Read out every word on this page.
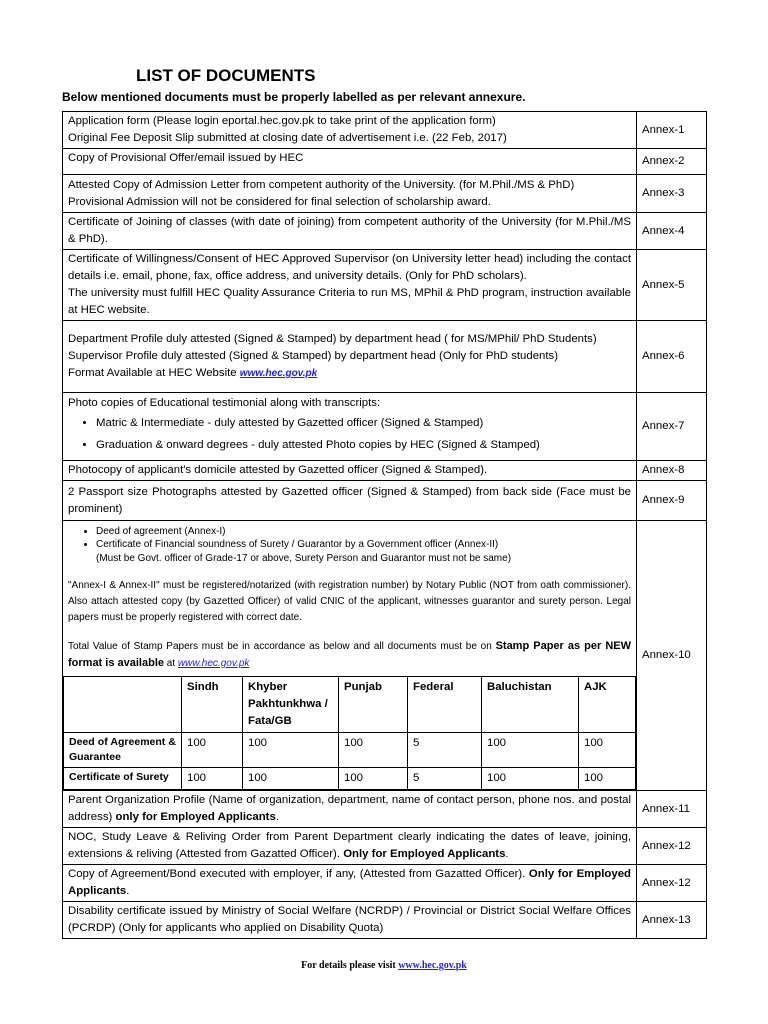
LIST OF DOCUMENTS
Below mentioned documents must be properly labelled as per relevant annexure.
Application form (Please login eportal.hec.gov.pk to take print of the application form)
Original Fee Deposit Slip submitted at closing date of advertisement i.e. (22 Feb, 2017)
	Annex-1

Copy of Provisional Offer/email issued by HEC	Annex-2

Attested Copy of Admission Letter from competent authority of the University. (for M.Phil./MS & PhD)
Provisional Admission will not be considered for final selection of scholarship award.
	Annex-3

Certificate of Joining of classes (with date of joining) from competent authority of the University (for M.Phil./MS & PhD).
	Annex-4

Certificate of Willingness/Consent of HEC Approved Supervisor (on University letter head) including the contact details i.e. email, phone, fax, office address, and university details. (Only for PhD scholars).
The university must fulfill HEC Quality Assurance Criteria to run MS, MPhil & PhD program, instruction available at HEC website.
	Annex-5

Department Profile duly attested (Signed & Stamped) by department head ( for MS/MPhil/ PhD Students)
Supervisor Profile duly attested (Signed & Stamped) by department head (Only for PhD students)
Format Available at HEC Website www.hec.gov.pk
	Annex-6

Photo copies of Educational testimonial along with transcripts:
• Matric & Intermediate - duly attested by Gazetted officer (Signed & Stamped)
• Graduation & onward degrees - duly attested Photo copies by HEC (Signed & Stamped)
	Annex-7

Photocopy of applicant's domicile attested by Gazetted officer (Signed & Stamped).	Annex-8

2 Passport size Photographs attested by Gazetted officer (Signed & Stamped) from back side (Face must be prominent)
	Annex-9

• Deed of agreement (Annex-I)
• Certificate of Financial soundness of Surety / Guarantor by a Government officer (Annex-II)
(Must be Govt. officer of Grade-17 or above, Surety Person and Guarantor must not be same)
"Annex-I & Annex-II" must be registered/notarized (with registration number) by Notary Public (NOT from oath commissioner). Also attach attested copy (by Gazetted Officer) of valid CNIC of the applicant, witnesses guarantor and surety person. Legal papers must be properly registered with correct date.
Total Value of Stamp Papers must be in accordance as below and all documents must be on Stamp Paper as per NEW format is available at www.hec.gov.pk
	Sindh	Khyber Pakhtunkhwa / Fata/GB	Punjab	Federal	Baluchistan	AJK
Deed of Agreement & Guarantee	100	100	100	5	100	100
Certificate of Surety	100	100	100	5	100	100
	Annex-10
Parent Organization Profile (Name of organization, department, name of contact person, phone nos. and postal address) only for Employed Applicants.	Annex-11
NOC, Study Leave & Reliving Order from Parent Department clearly indicating the dates of leave, joining, extensions & reliving (Attested from Gazatted Officer). Only for Employed Applicants.	Annex-12
Copy of Agreement/Bond executed with employer, if any, (Attested from Gazatted Officer). Only for Employed Applicants.	Annex-12
Disability certificate issued by Ministry of Social Welfare (NCRDP) / Provincial or District Social Welfare Offices (PCRDP) (Only for applicants who applied on Disability Quota)	Annex-13
For details please visit www.hec.gov.pk
